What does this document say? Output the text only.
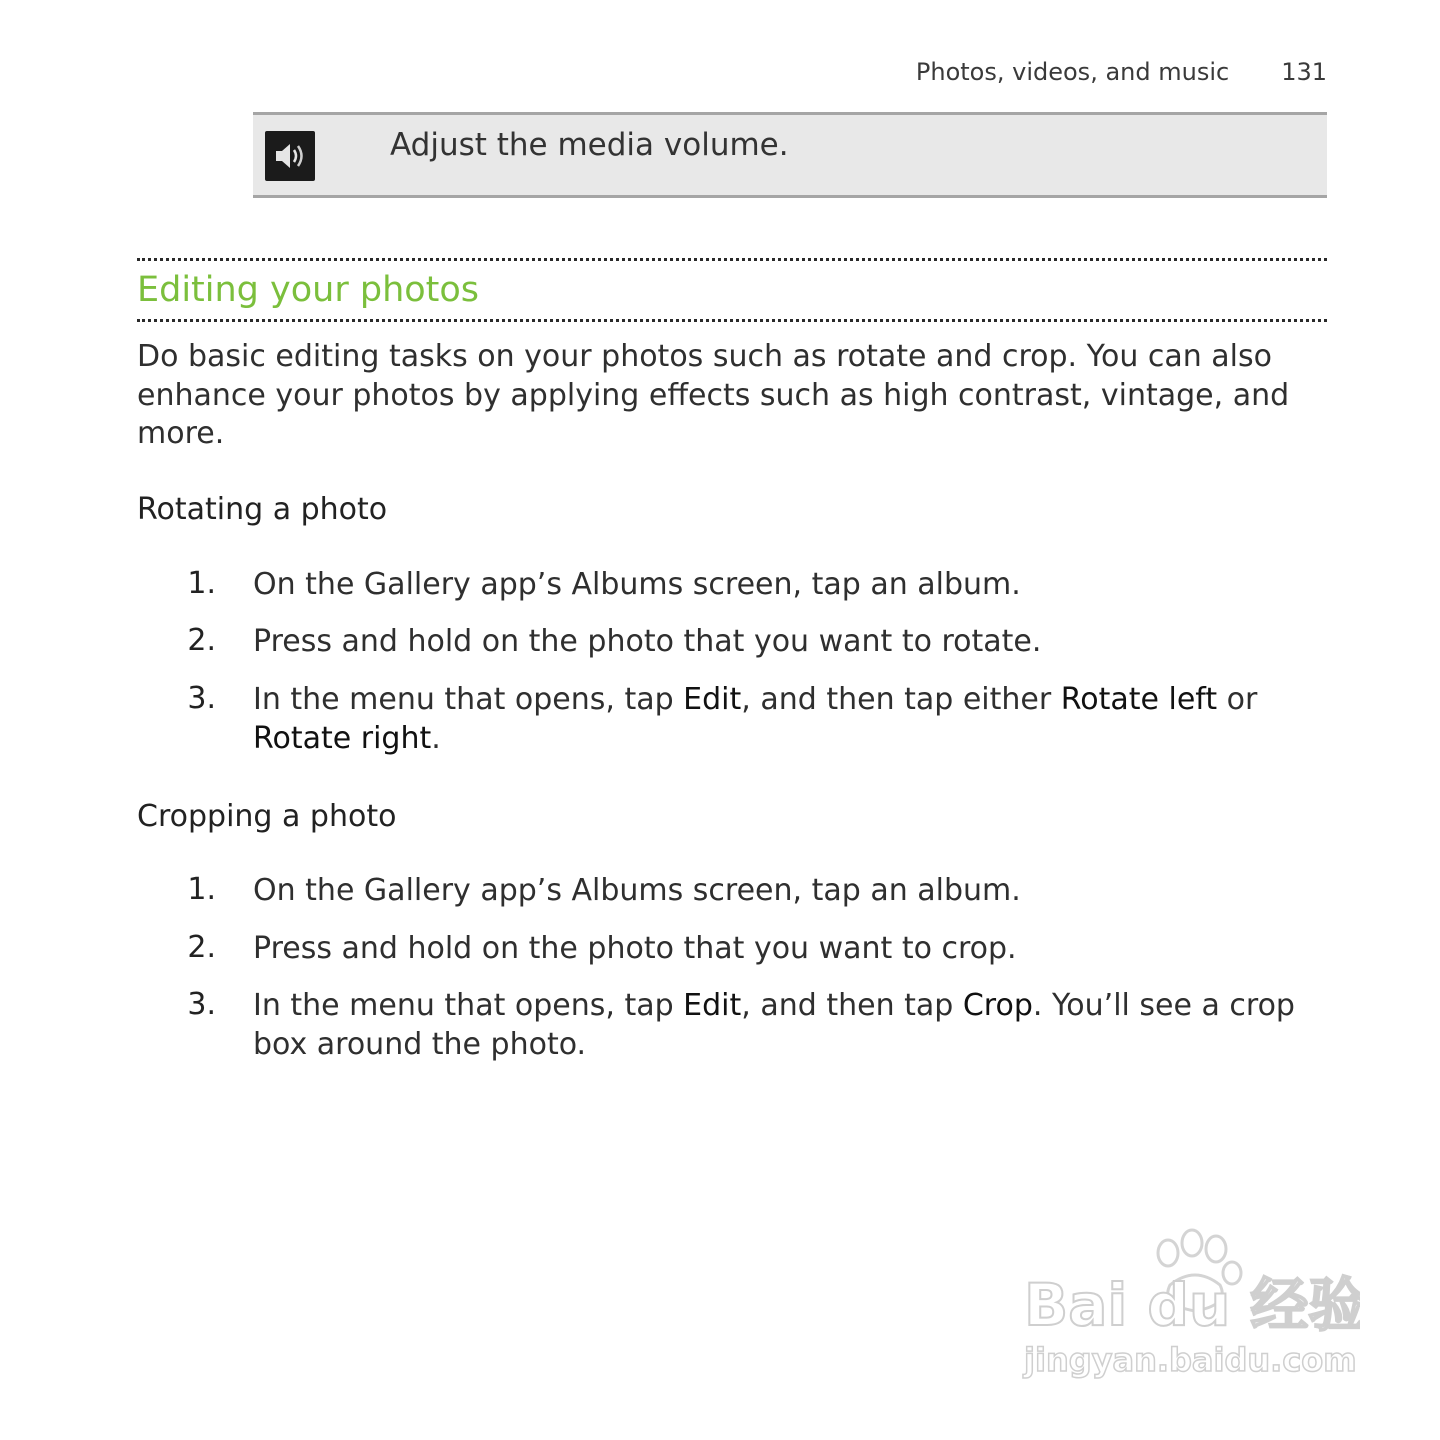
Photos, videos, and music 131
Adjust the media volume.
Editing your photos

Do basic editing tasks on your photos such as rotate and crop. You can also enhance your photos by applying effects such as high contrast, vintage, and more.

Rotating a photo
1. On the Gallery app’s Albums screen, tap an album.
2. Press and hold on the photo that you want to rotate.
3. In the menu that opens, tap Edit, and then tap either Rotate left or Rotate right.
Cropping a photo
1. On the Gallery app’s Albums screen, tap an album.
2. Press and hold on the photo that you want to crop.
3. In the menu that opens, tap Edit, and then tap Crop. You’ll see a crop box around the photo.
Bai du 经验
jingyan.baidu.com
